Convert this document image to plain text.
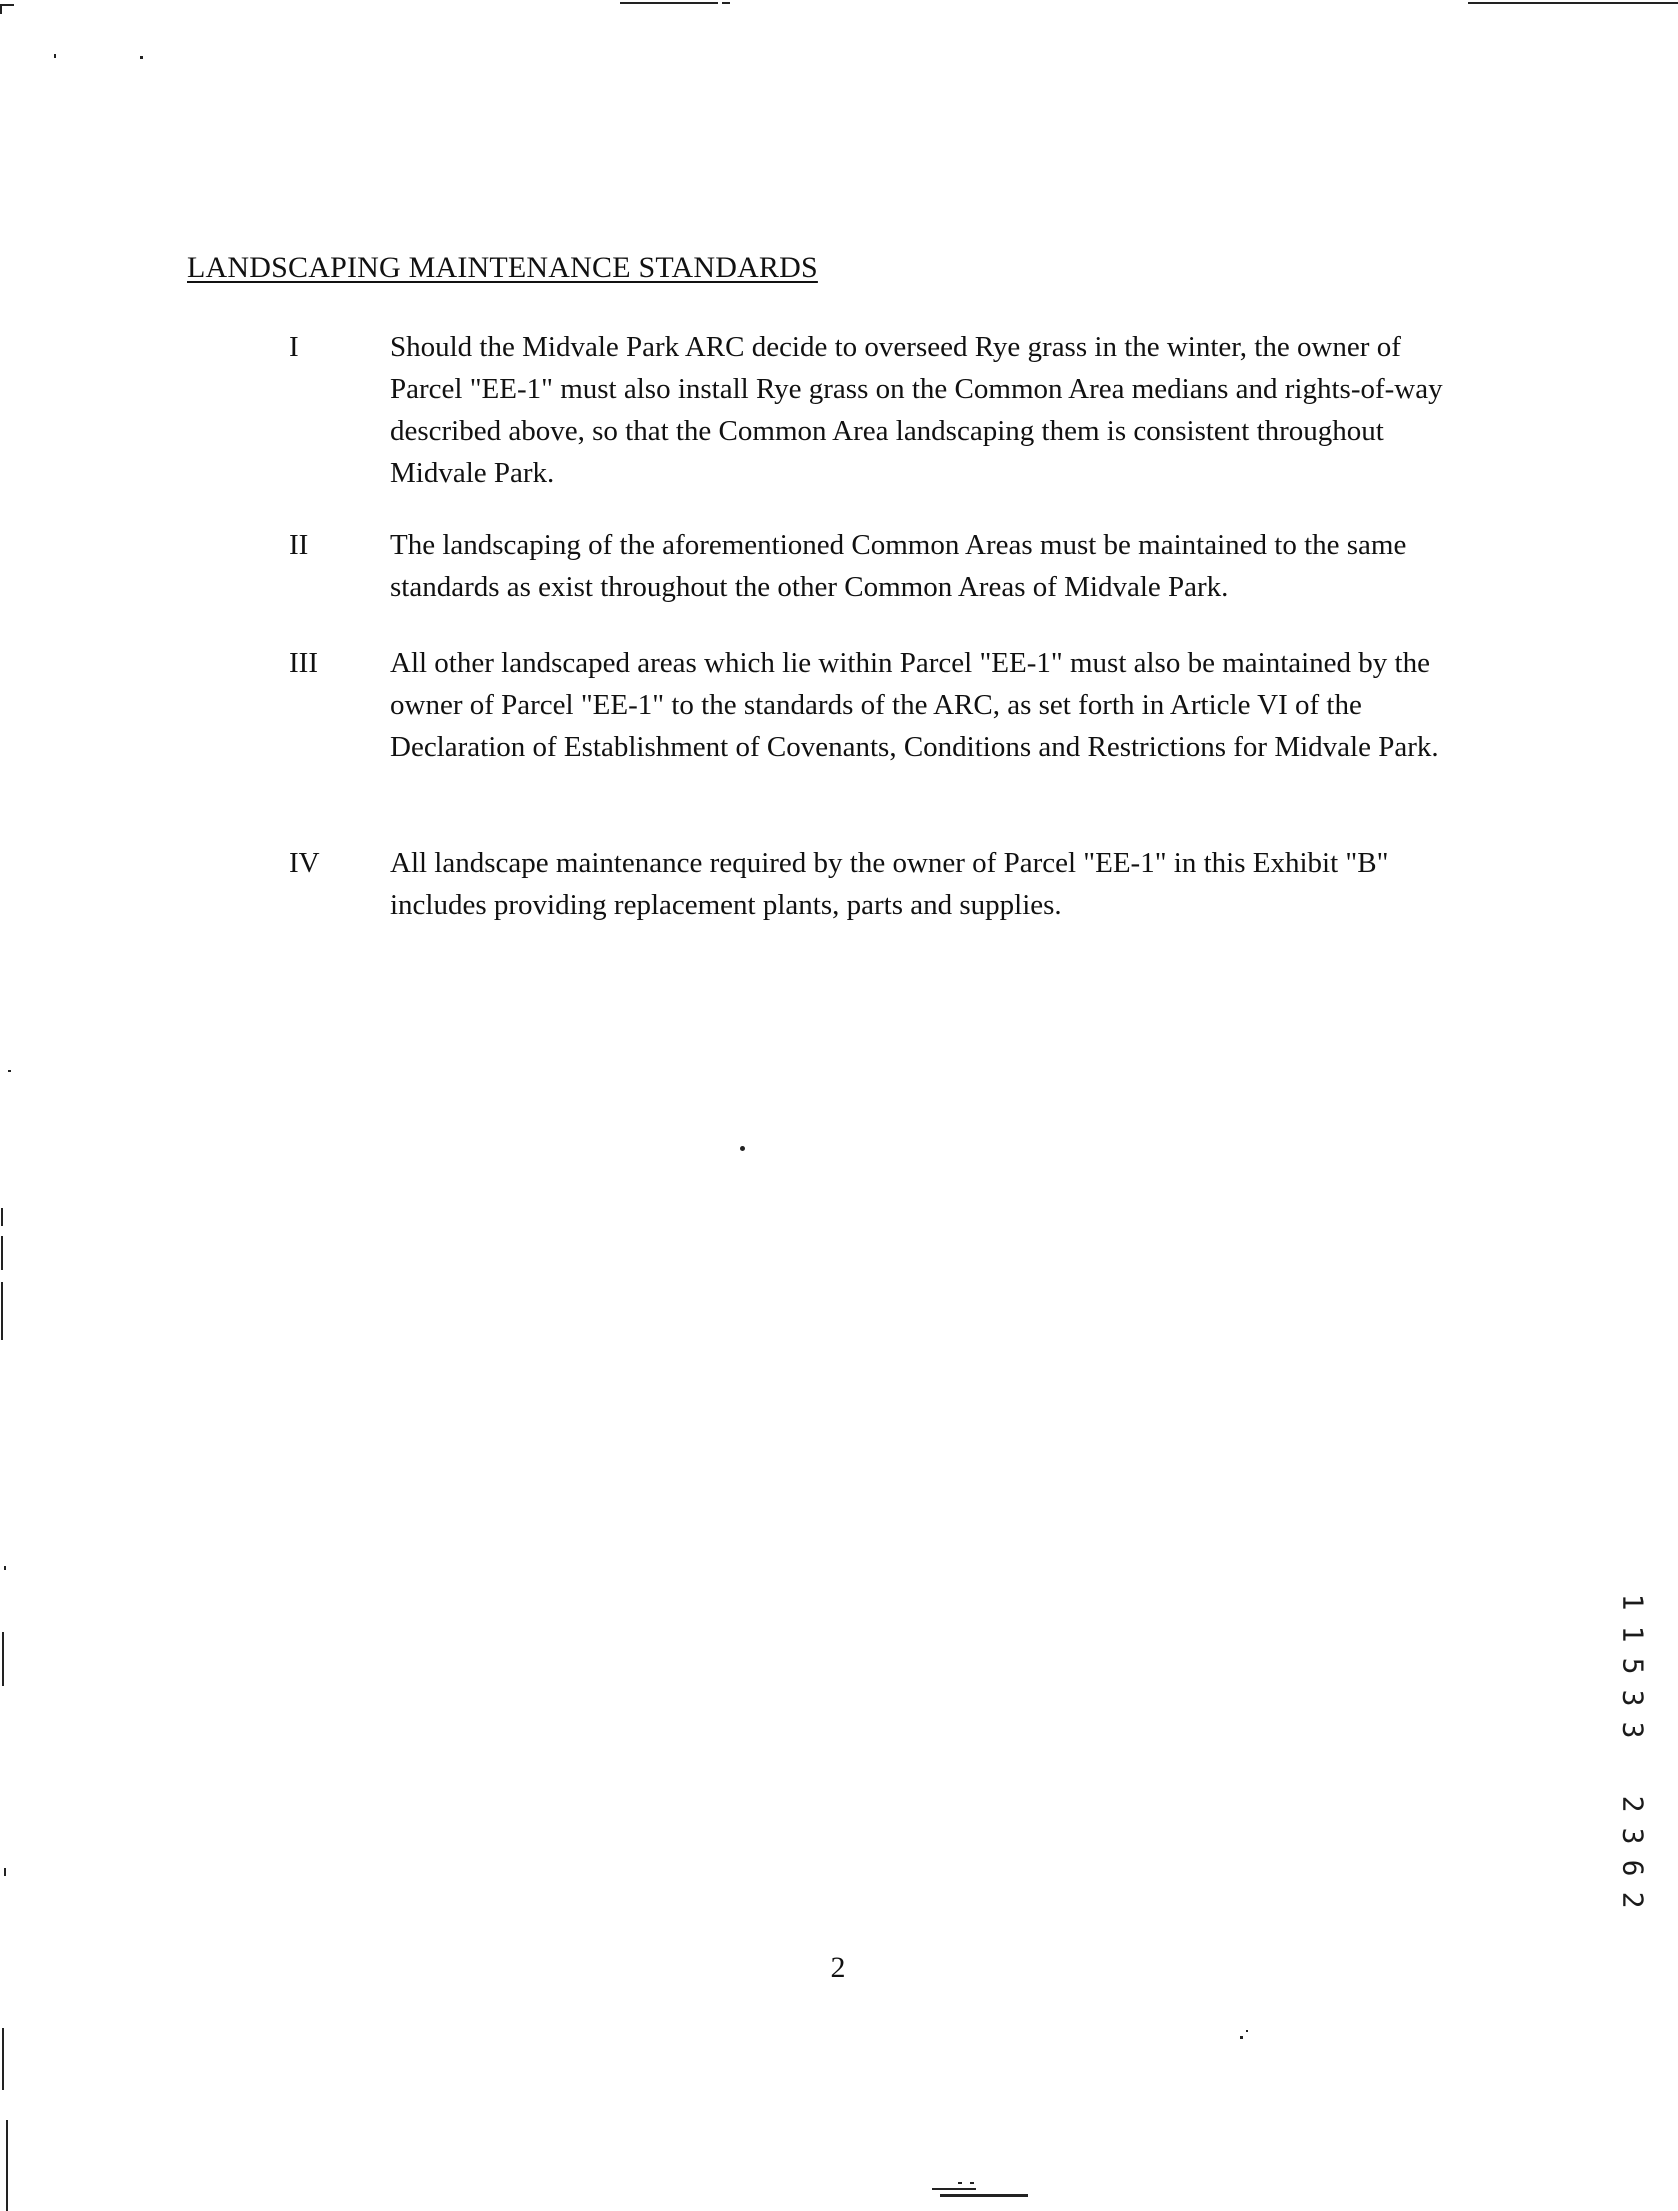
LANDSCAPING MAINTENANCE STANDARDS
I	Should the Midvale Park ARC decide to overseed Rye grass in the winter, the owner of Parcel "EE-1" must also install Rye grass on the Common Area medians and rights-of-way described above, so that the Common Area landscaping them is consistent throughout Midvale Park.

II	The landscaping of the aforementioned Common Areas must be maintained to the same standards as exist throughout the other Common Areas of Midvale Park.

III All other landscaped areas which lie within Parcel "EE-1" must also be maintained by the owner of Parcel "EE-1" to the standards of the ARC, as set forth in Article VI of the Declaration of Establishment of Covenants, Conditions and Restrictions for Midvale Park.

IV All landscape maintenance required by the owner of Parcel "EE-1" in this Exhibit "B" includes providing replacement plants, parts and supplies.

2
1
1
5
3
3
2
3
6
2
